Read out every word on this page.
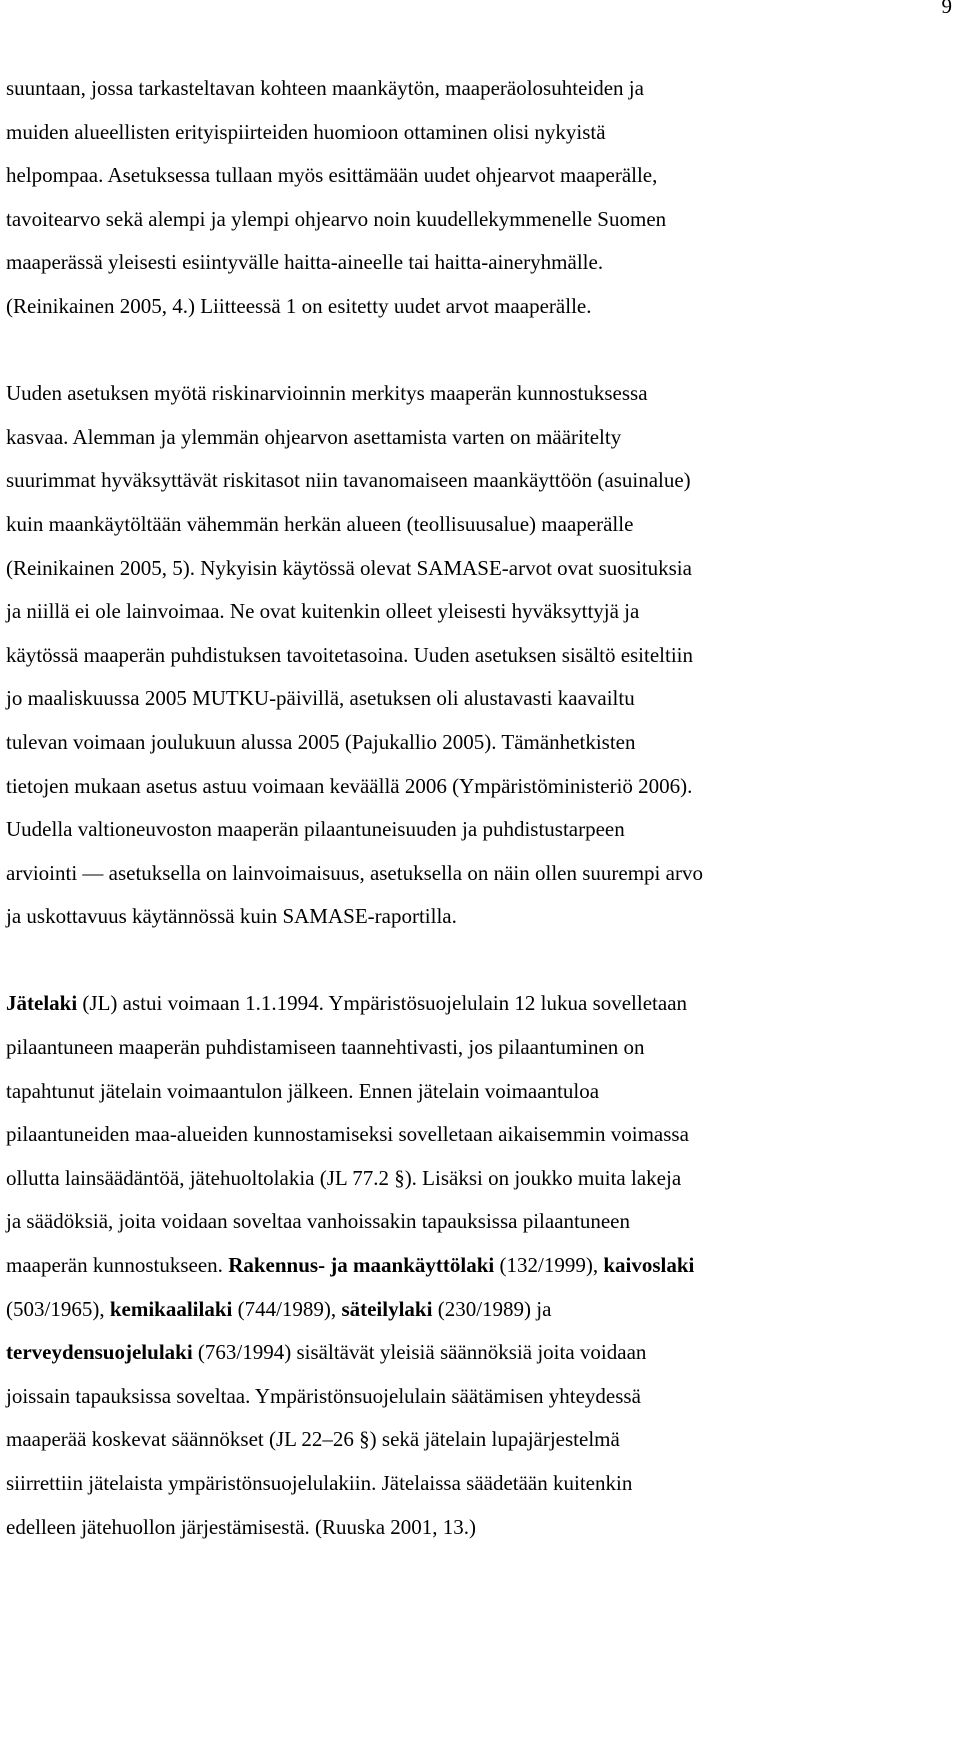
9
suuntaan, jossa tarkasteltavan kohteen maankäytön, maaperäolosuhteiden ja
muiden alueellisten erityispiirteiden huomioon ottaminen olisi nykyistä
helpompaa. Asetuksessa tullaan myös esittämään uudet ohjearvot maaperälle,
tavoitearvo sekä alempi ja ylempi ohjearvo noin kuudellekymmenelle Suomen
maaperässä yleisesti esiintyvälle haitta-aineelle tai haitta-aineryhmälle.
(Reinikainen 2005, 4.) Liitteessä 1 on esitetty uudet arvot maaperälle.
Uuden asetuksen myötä riskinarvioinnin merkitys maaperän kunnostuksessa
kasvaa. Alemman ja ylemmän ohjearvon asettamista varten on määritelty
suurimmat hyväksyttävät riskitasot niin tavanomaiseen maankäyttöön (asuinalue)
kuin maankäytöltään vähemmän herkän alueen (teollisuusalue) maaperälle
(Reinikainen 2005, 5). Nykyisin käytössä olevat SAMASE-arvot ovat suosituksia
ja niillä ei ole lainvoimaa. Ne ovat kuitenkin olleet yleisesti hyväksyttyjä ja
käytössä maaperän puhdistuksen tavoitetasoina. Uuden asetuksen sisältö esiteltiin
jo maaliskuussa 2005 MUTKU-päivillä, asetuksen oli alustavasti kaavailtu
tulevan voimaan joulukuun alussa 2005 (Pajukallio 2005). Tämänhetkisten
tietojen mukaan asetus astuu voimaan keväällä 2006 (Ympäristöministeriö 2006).
Uudella valtioneuvoston maaperän pilaantuneisuuden ja puhdistustarpeen
arviointi — asetuksella on lainvoimaisuus, asetuksella on näin ollen suurempi arvo
ja uskottavuus käytännössä kuin SAMASE-raportilla.
Jätelaki (JL) astui voimaan 1.1.1994. Ympäristösuojelulain 12 lukua sovelletaan
pilaantuneen maaperän puhdistamiseen taannehtivasti, jos pilaantuminen on
tapahtunut jätelain voimaantulon jälkeen. Ennen jätelain voimaantuloa
pilaantuneiden maa-alueiden kunnostamiseksi sovelletaan aikaisemmin voimassa
ollutta lainsäädäntöä, jätehuoltolakia (JL 77.2 §). Lisäksi on joukko muita lakeja
ja säädöksiä, joita voidaan soveltaa vanhoissakin tapauksissa pilaantuneen
maaperän kunnostukseen. Rakennus- ja maankäyttölaki (132/1999), kaivoslaki
(503/1965), kemikaalilaki (744/1989), säteilylaki (230/1989) ja
terveydensuojelulaki (763/1994) sisältävät yleisiä säännöksiä joita voidaan
joissain tapauksissa soveltaa. Ympäristönsuojelulain säätämisen yhteydessä
maaperää koskevat säännökset (JL 22–26 §) sekä jätelain lupajärjestelmä
siirrettiin jätelaista ympäristönsuojelulakiin. Jätelaissa säädetään kuitenkin
edelleen jätehuollon järjestämisestä. (Ruuska 2001, 13.)
